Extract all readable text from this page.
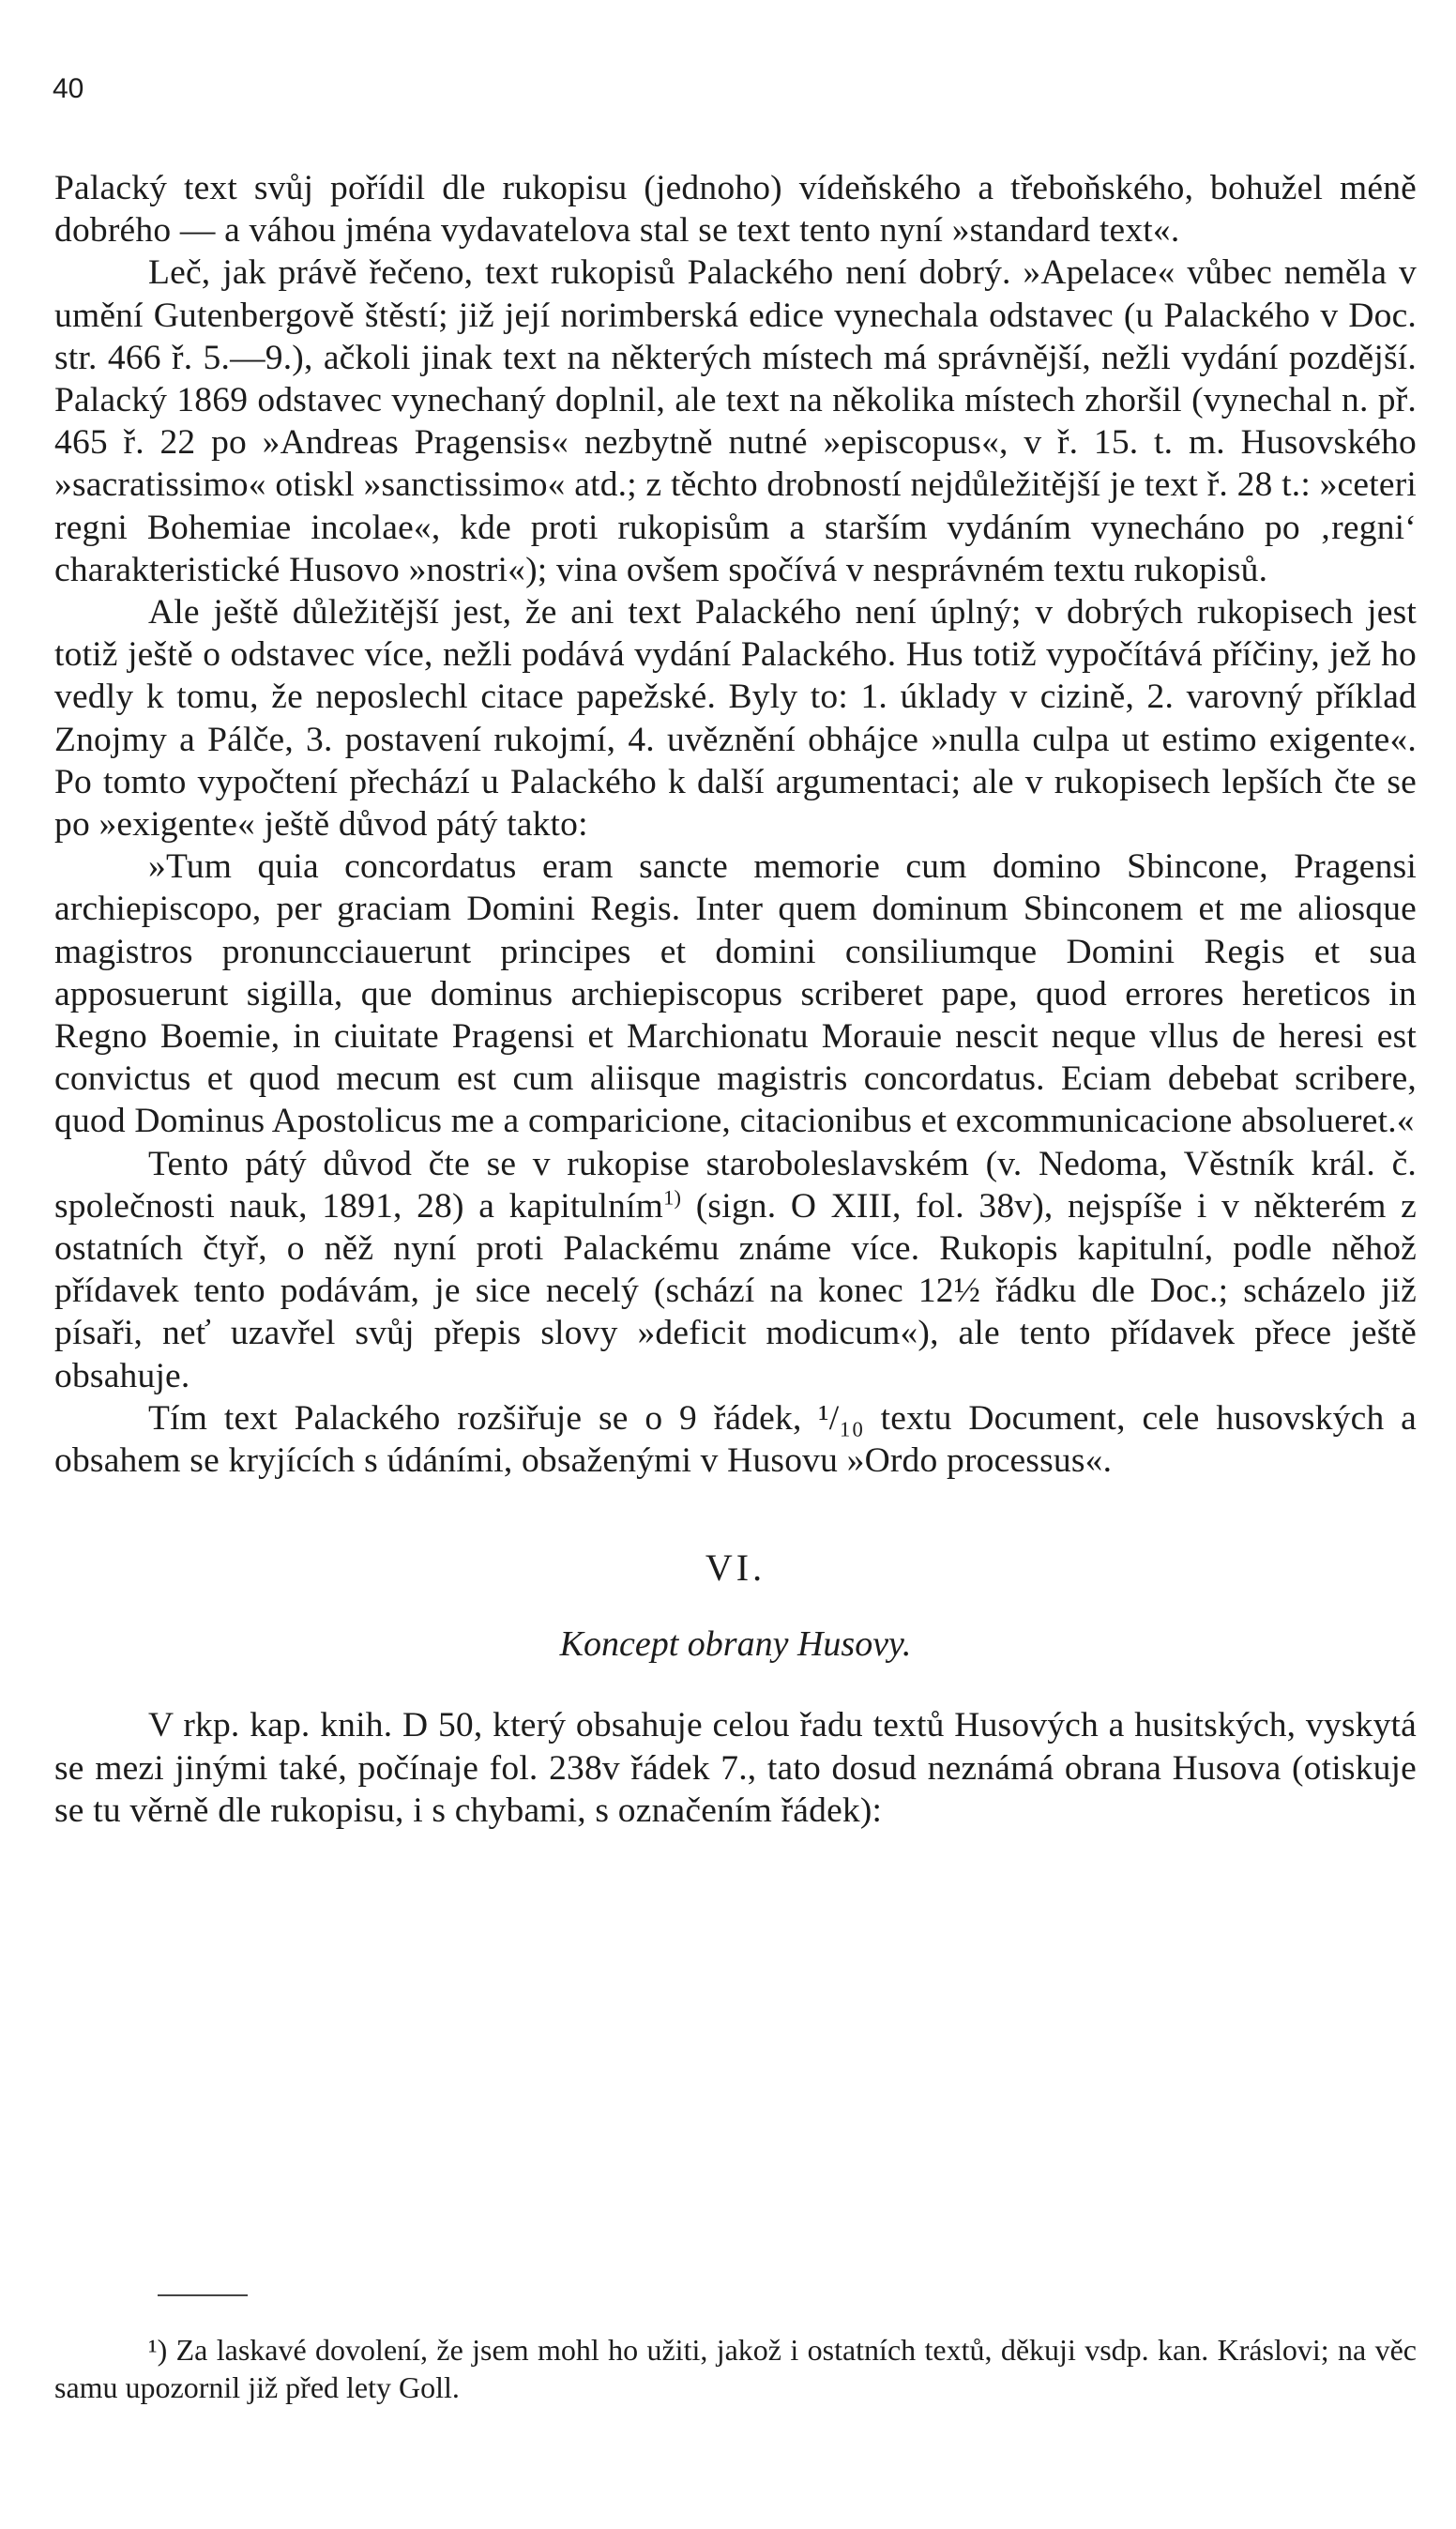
40

Palacký text svůj pořídil dle rukopisu (jednoho) vídeňského a třeboňského, bohužel méně dobrého — a váhou jména vydavatelova stal se text tento nyní »standard text«.

Leč, jak právě řečeno, text rukopisů Palackého není dobrý. »Apelace« vůbec neměla v umění Gutenbergově štěstí; již její norimberská edice vynechala odstavec (u Palackého v Doc. str. 466 ř. 5.—9.), ačkoli jinak text na některých místech má správnější, nežli vydání pozdější. Palacký 1869 odstavec vynechaný doplnil, ale text na několika místech zhoršil (vynechal n. př. 465 ř. 22 po »Andreas Pragensis« nezbytně nutné »episcopus«, v ř. 15. t. m. Husovského »sacratissimo« otiskl »sanctissimo« atd.; z těchto drobností nejdůležitější je text ř. 28 t.: »ceteri regni Bohemiae incolae«, kde proti rukopisům a starším vydáním vynecháno po ‚regni‘ charakteristické Husovo »nostri«); vina ovšem spočívá v nesprávném textu rukopisů.

Ale ještě důležitější jest, že ani text Palackého není úplný; v dobrých rukopisech jest totiž ještě o odstavec více, nežli podává vydání Palackého. Hus totiž vypočítává příčiny, jež ho vedly k tomu, že neposlechl citace papežské. Byly to: 1. úklady v cizině, 2. varovný příklad Znojmy a Pálče, 3. postavení rukojmí, 4. uvěznění obhájce »nulla culpa ut estimo exigente«. Po tomto vypočtení přechází u Palackého k další argumentaci; ale v rukopisech lepších čte se po »exigente« ještě důvod pátý takto:

»Tum quia concordatus eram sancte memorie cum domino Sbincone, Pragensi archiepiscopo, per graciam Domini Regis. Inter quem dominum Sbinconem et me aliosque magistros pronuncciauerunt principes et domini consiliumque Domini Regis et sua apposuerunt sigilla, que dominus archiepiscopus scriberet pape, quod errores hereticos in Regno Boemie, in ciuitate Pragensi et Marchionatu Morauie nescit neque vllus de heresi est convictus et quod mecum est cum aliisque magistris concordatus. Eciam debebat scribere, quod Dominus Apostolicus me a comparicione, citacionibus et excommunicacione absolueret.«

Tento pátý důvod čte se v rukopise staroboleslavském (v. Nedoma, Věstník král. č. společnosti nauk, 1891, 28) a kapitulním$^{1)}$ (sign. O XIII, fol. 38v), nejspíše i v některém z ostatních čtyř, o něž nyní proti Palackému známe více. Rukopis kapitulní, podle něhož přídavek tento podávám, je sice necelý (schází na konec 12½ řádku dle Doc.; scházelo již písaři, neť uzavřel svůj přepis slovy »deficit modicum«), ale tento přídavek přece ještě obsahuje.

Tím text Palackého rozšiřuje se o 9 řádek, ¹/₁₀ textu Document, cele husovských a obsahem se kryjících s údáními, obsaženými v Husovu »Ordo processus«.

VI.
Koncept obrany Husovy.

V rkp. kap. knih. D 50, který obsahuje celou řadu textů Husových a husitských, vyskytá se mezi jinými také, počínaje fol. 238v řádek 7., tato dosud neznámá obrana Husova (otiskuje se tu věrně dle rukopisu, i s chybami, s označením řádek):

¹) Za laskavé dovolení, že jsem mohl ho užiti, jakož i ostatních textů, děkuji vsdp. kan. Kráslovi; na věc samu upozornil již před lety Goll.
